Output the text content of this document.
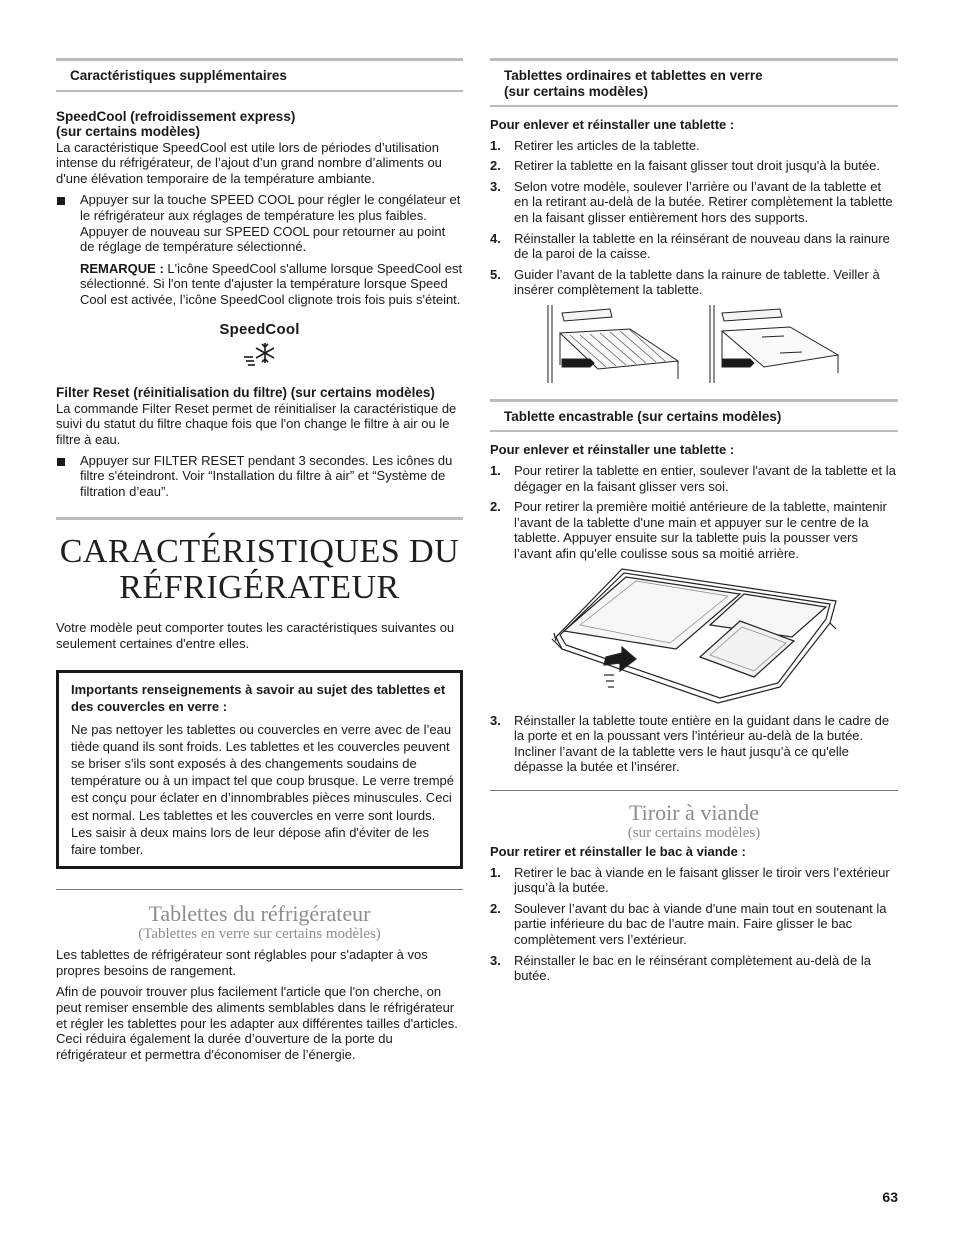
Caractéristiques supplémentaires
SpeedCool (refroidissement express)
(sur certains modèles)

La caractéristique SpeedCool est utile lors de périodes d’utilisation intense du réfrigérateur, de l’ajout d’un grand nombre d’aliments ou d'une élévation temporaire de la température ambiante.

Appuyer sur la touche SPEED COOL pour régler le congélateur et le réfrigérateur aux réglages de température les plus faibles. Appuyer de nouveau sur SPEED COOL pour retourner au point de réglage de température sélectionné.

REMARQUE : L'icône SpeedCool s'allume lorsque SpeedCool est sélectionné. Si l'on tente d'ajuster la température lorsque Speed Cool est activée, l’icône SpeedCool clignote trois fois puis s'éteint.

SpeedCool
Filter Reset (réinitialisation du filtre) (sur certains modèles)

La commande Filter Reset permet de réinitialiser la caractéristique de suivi du statut du filtre chaque fois que l'on change le filtre à air ou le filtre à eau.

Appuyer sur FILTER RESET pendant 3 secondes. Les icônes du filtre s'éteindront. Voir “Installation du filtre à air” et “Système de filtration d’eau”.
CARACTÉRISTIQUES DU
RÉFRIGÉRATEUR

Votre modèle peut comporter toutes les caractéristiques suivantes ou seulement certaines d'entre elles.

Importants renseignements à savoir au sujet des tablettes et des couvercles en verre :
Ne pas nettoyer les tablettes ou couvercles en verre avec de l’eau tiède quand ils sont froids. Les tablettes et les couvercles peuvent se briser s'ils sont exposés à des changements soudains de température ou à un impact tel que coup brusque. Le verre trempé est conçu pour éclater en d’innombrables pièces minuscules. Ceci est normal. Les tablettes et les couvercles en verre sont lourds. Les saisir à deux mains lors de leur dépose afin d'éviter de les faire tomber.
Tablettes du réfrigérateur
(Tablettes en verre sur certains modèles)

Les tablettes de réfrigérateur sont réglables pour s'adapter à vos propres besoins de rangement.

Afin de pouvoir trouver plus facilement l'article que l'on cherche, on peut remiser ensemble des aliments semblables dans le réfrigérateur et régler les tablettes pour les adapter aux différentes tailles d'articles. Ceci réduira également la durée d’ouverture de la porte du réfrigérateur et permettra d'économiser de l’énergie.

Tablettes ordinaires et tablettes en verre
(sur certains modèles)
Pour enlever et réinstaller une tablette :
1. Retirer les articles de la tablette.
2. Retirer la tablette en la faisant glisser tout droit jusqu'à la butée.
3. Selon votre modèle, soulever l’arrière ou l’avant de la tablette et en la retirant au-delà de la butée. Retirer complètement la tablette en la faisant glisser entièrement hors des supports.
4. Réinstaller la tablette en la réinsérant de nouveau dans la rainure de la paroi de la caisse.
5. Guider l’avant de la tablette dans la rainure de tablette. Veiller à insérer complètement la tablette.
Tablette encastrable (sur certains modèles)
Pour enlever et réinstaller une tablette :
1. Pour retirer la tablette en entier, soulever l'avant de la tablette et la dégager en la faisant glisser vers soi.
2. Pour retirer la première moitié antérieure de la tablette, maintenir l’avant de la tablette d'une main et appuyer sur le centre de la tablette. Appuyer ensuite sur la tablette puis la pousser vers l’avant afin qu'elle coulisse sous sa moitié arrière.
3. Réinstaller la tablette toute entière en la guidant dans le cadre de la porte et en la poussant vers l’intérieur au-delà de la butée. Incliner l’avant de la tablette vers le haut jusqu’à ce qu'elle dépasse la butée et l’insérer.
Tiroir à viande
(sur certains modèles)
Pour retirer et réinstaller le bac à viande :
1. Retirer le bac à viande en le faisant glisser le tiroir vers l’extérieur jusqu’à la butée.
2. Soulever l’avant du bac à viande d'une main tout en soutenant la partie inférieure du bac de l’autre main. Faire glisser le bac complètement vers l’extérieur.
3. Réinstaller le bac en le réinsérant complètement au-delà de la butée.
63
